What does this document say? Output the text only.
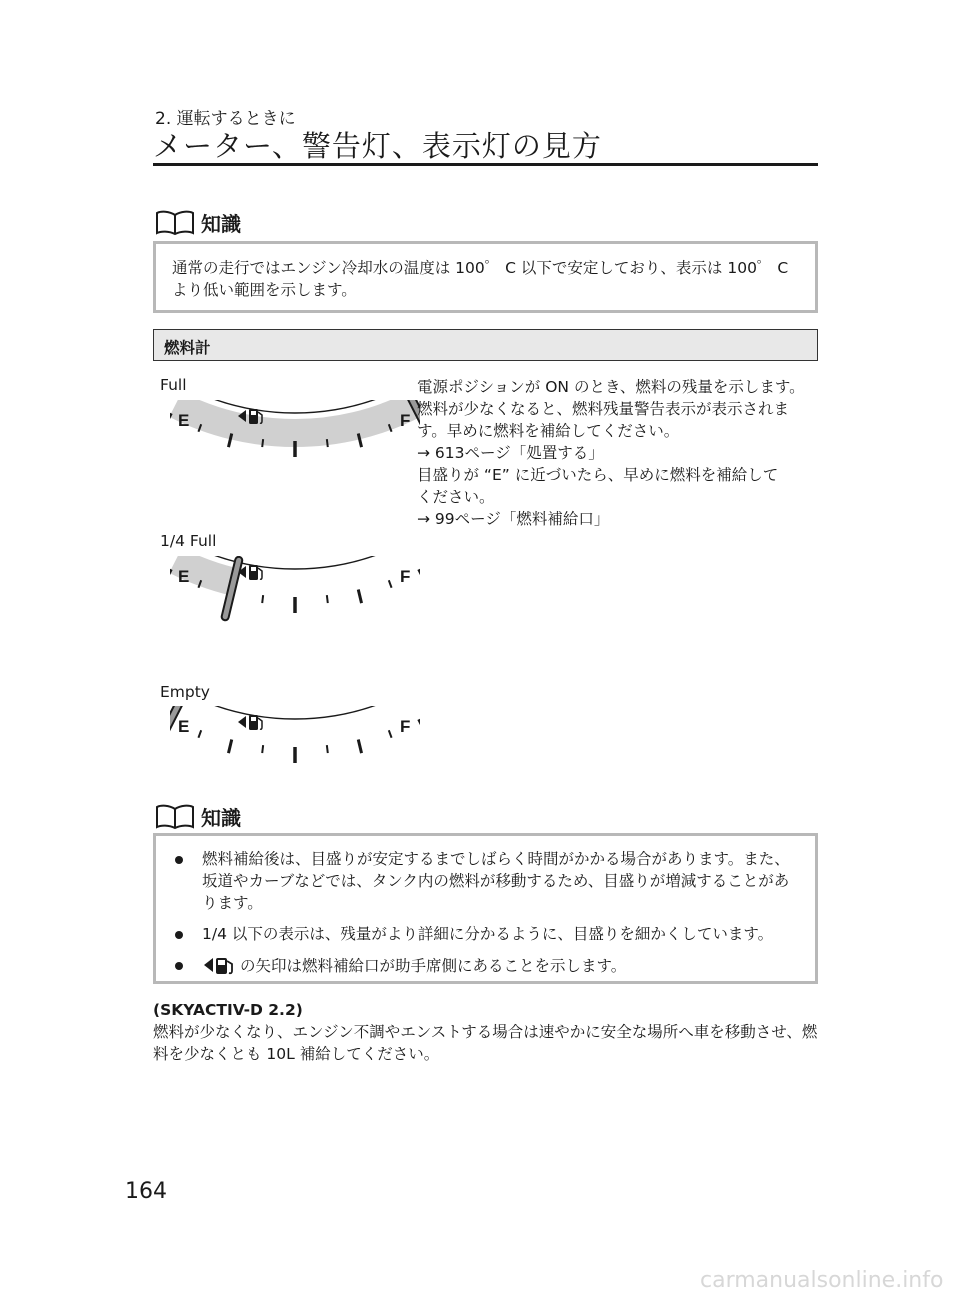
2. 運転するときに
メーター、警告灯、表示灯の見方
知識
通常の走行ではエンジン冷却水の温度は 100゜ C 以下で安定しており、表示は 100゜ C より低い範囲を示します。
燃料計
Full
1/4 Full
Empty
E	F
E	F
E	F
電源ポジションが ON のとき、燃料の残量を示します。
燃料が少なくなると、燃料残量警告表示が表示されま
す。早めに燃料を補給してください。
→ 613ページ「処置する」
目盛りが “E” に近づいたら、早めに燃料を補給して
ください。
→ 99ページ「燃料補給口」
知識
燃料補給後は、目盛りが安定するまでしばらく時間がかかる場合があります。また、坂道やカーブなどでは、タンク内の燃料が移動するため、目盛りが増減することがあります。
1/4 以下の表示は、残量がより詳細に分かるように、目盛りを細かくしています。
の矢印は燃料補給口が助手席側にあることを示します。
(SKYACTIV-D 2.2)
燃料が少なくなり、エンジン不調やエンストする場合は速やかに安全な場所へ車を移動させ、燃料を少なくとも 10L 補給してください。
164
carmanualsonline.info
